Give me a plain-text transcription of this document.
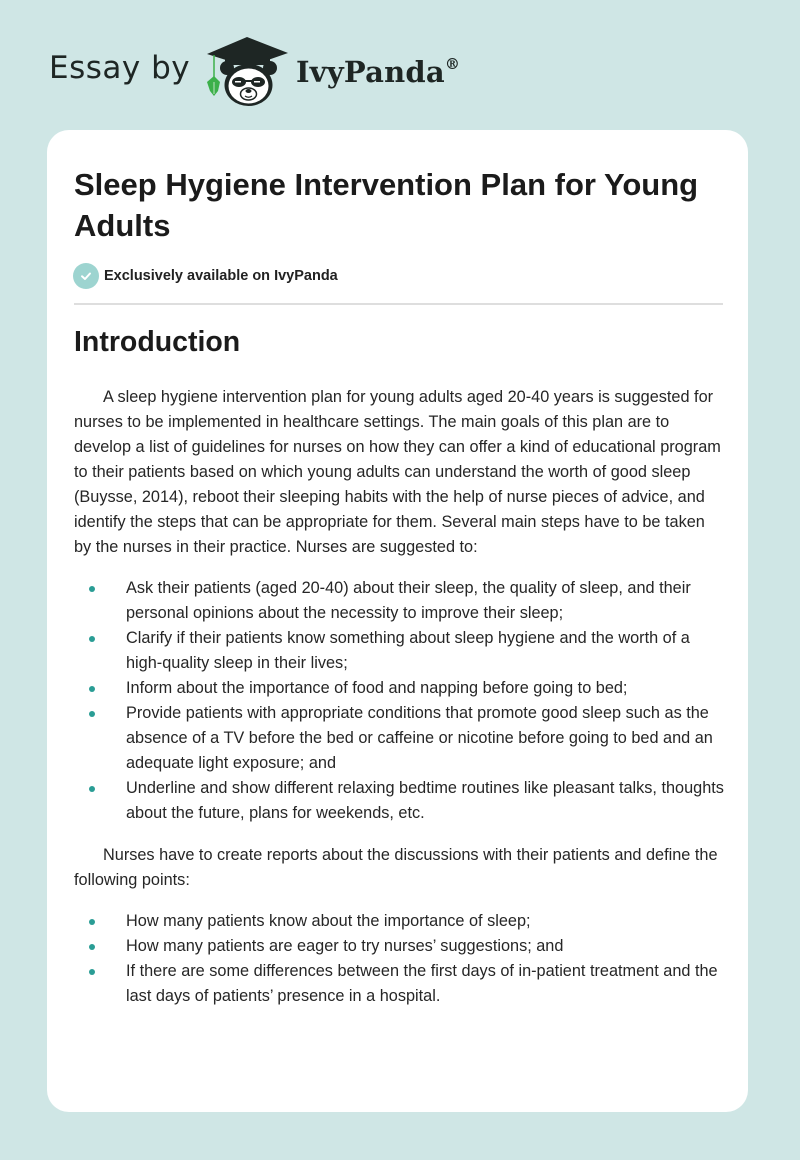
Essay by	IvyPanda®
Sleep Hygiene Intervention Plan for Young Adults
Exclusively available on IvyPanda
Introduction

A sleep hygiene intervention plan for young adults aged 20-40 years is suggested for nurses to be implemented in healthcare settings. The main goals of this plan are to develop a list of guidelines for nurses on how they can offer a kind of educational program to their patients based on which young adults can understand the worth of good sleep (Buysse, 2014), reboot their sleeping habits with the help of nurse pieces of advice, and identify the steps that can be appropriate for them. Several main steps have to be taken by the nurses in their practice. Nurses are suggested to:

Ask their patients (aged 20-40) about their sleep, the quality of sleep, and their personal opinions about the necessity to improve their sleep;
Clarify if their patients know something about sleep hygiene and the worth of a high-quality sleep in their lives;
Inform about the importance of food and napping before going to bed;
Provide patients with appropriate conditions that promote good sleep such as the absence of a TV before the bed or caffeine or nicotine before going to bed and an adequate light exposure; and
Underline and show different relaxing bedtime routines like pleasant talks, thoughts about the future, plans for weekends, etc.

Nurses have to create reports about the discussions with their patients and define the following points:

How many patients know about the importance of sleep;
How many patients are eager to try nurses’ suggestions; and
If there are some differences between the first days of in-patient treatment and the last days of patients’ presence in a hospital.
